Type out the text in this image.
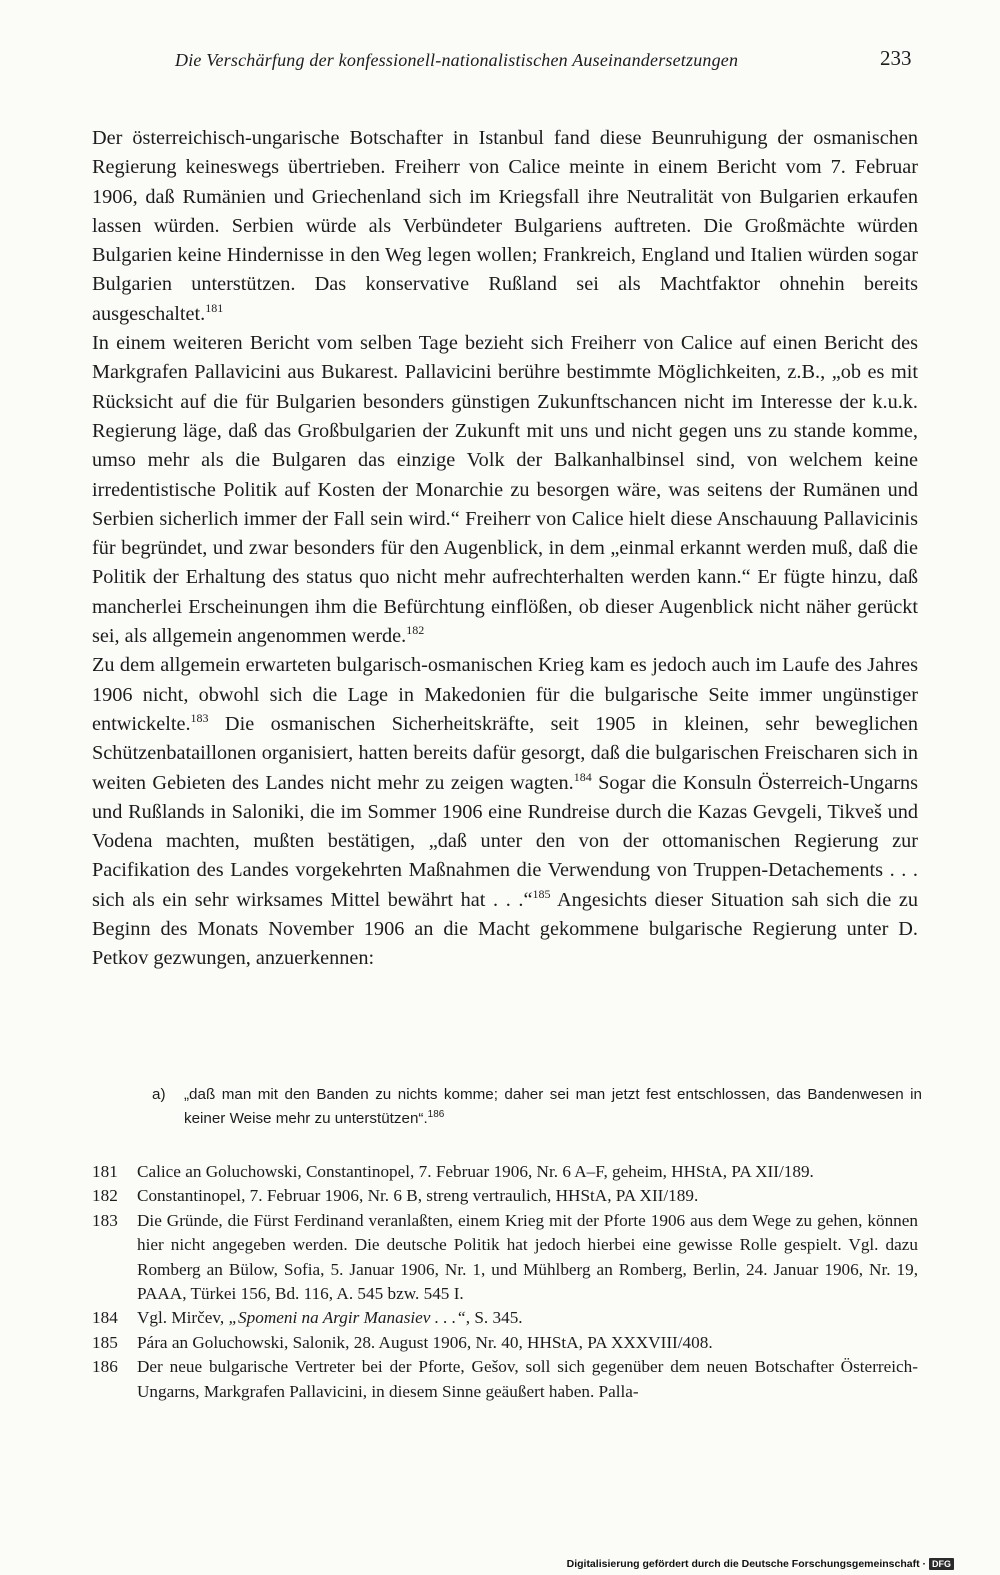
Die Verschärfung der konfessionell-nationalistischen Auseinandersetzungen	233

Der österreichisch-ungarische Botschafter in Istanbul fand diese Beunruhigung der osmanischen Regierung keineswegs übertrieben. Freiherr von Calice meinte in einem Bericht vom 7. Februar 1906, daß Rumänien und Griechenland sich im Kriegsfall ihre Neutralität von Bulgarien erkaufen lassen würden. Serbien würde als Verbündeter Bulgariens auftreten. Die Großmächte würden Bulgarien keine Hindernisse in den Weg legen wollen; Frankreich, England und Italien würden sogar Bulgarien unterstützen. Das konservative Rußland sei als Machtfaktor ohnehin bereits ausgeschaltet.$^{181}$

In einem weiteren Bericht vom selben Tage bezieht sich Freiherr von Calice auf einen Bericht des Markgrafen Pallavicini aus Bukarest. Pallavicini berühre bestimmte Möglichkeiten, z.B., „ob es mit Rücksicht auf die für Bulgarien besonders günstigen Zukunftschancen nicht im Interesse der k.u.k. Regierung läge, daß das Großbulgarien der Zukunft mit uns und nicht gegen uns zu stande komme, umso mehr als die Bulgaren das einzige Volk der Balkanhalbinsel sind, von welchem keine irredentistische Politik auf Kosten der Monarchie zu besorgen wäre, was seitens der Rumänen und Serbien sicherlich immer der Fall sein wird.“ Freiherr von Calice hielt diese Anschauung Pallavicinis für begründet, und zwar besonders für den Augenblick, in dem „einmal erkannt werden muß, daß die Politik der Erhaltung des status quo nicht mehr aufrechterhalten werden kann.“ Er fügte hinzu, daß mancherlei Erscheinungen ihm die Befürchtung einflößen, ob dieser Augenblick nicht näher gerückt sei, als allgemein angenommen werde.$^{182}$

Zu dem allgemein erwarteten bulgarisch-osmanischen Krieg kam es jedoch auch im Laufe des Jahres 1906 nicht, obwohl sich die Lage in Makedonien für die bulgarische Seite immer ungünstiger entwickelte.$^{183}$ Die osmanischen Sicherheitskräfte, seit 1905 in kleinen, sehr beweglichen Schützenbataillonen organisiert, hatten bereits dafür gesorgt, daß die bulgarischen Freischaren sich in weiten Gebieten des Landes nicht mehr zu zeigen wagten.$^{184}$ Sogar die Konsuln Österreich-Ungarns und Rußlands in Saloniki, die im Sommer 1906 eine Rundreise durch die Kazas Gevgeli, Tikveš und Vodena machten, mußten bestätigen, „daß unter den von der ottomanischen Regierung zur Pacifikation des Landes vorgekehrten Maßnahmen die Verwendung von Truppen-Detachements . . . sich als ein sehr wirksames Mittel bewährt hat . . .“$^{185}$ Angesichts dieser Situation sah sich die zu Beginn des Monats November 1906 an die Macht gekommene bulgarische Regierung unter D. Petkov gezwungen, anzuerkennen:

a)	„daß man mit den Banden zu nichts komme; daher sei man jetzt fest entschlossen, das Bandenwesen in keiner Weise mehr zu unterstützen“.$^{186}$
181	Calice an Goluchowski, Constantinopel, 7. Februar 1906, Nr. 6 A–F, geheim, HHStA, PA XII/189.
182	Constantinopel, 7. Februar 1906, Nr. 6 B, streng vertraulich, HHStA, PA XII/189.
183	Die Gründe, die Fürst Ferdinand veranlaßten, einem Krieg mit der Pforte 1906 aus dem Wege zu gehen, können hier nicht angegeben werden. Die deutsche Politik hat jedoch hierbei eine gewisse Rolle gespielt. Vgl. dazu Romberg an Bülow, Sofia, 5. Januar 1906, Nr. 1, und Mühlberg an Romberg, Berlin, 24. Januar 1906, Nr. 19, PAAA, Türkei 156, Bd. 116, A. 545 bzw. 545 I.
184	Vgl. Mirčev, „Spomeni na Argir Manasiev . . .“, S. 345.
185	Pára an Goluchowski, Salonik, 28. August 1906, Nr. 40, HHStA, PA XXXVIII/408.
186	Der neue bulgarische Vertreter bei der Pforte, Gešov, soll sich gegenüber dem neuen Botschafter Österreich-Ungarns, Markgrafen Pallavicini, in diesem Sinne geäußert haben. Palla-
Digitalisierung gefördert durch die Deutsche Forschungsgemeinschaft · DFG
